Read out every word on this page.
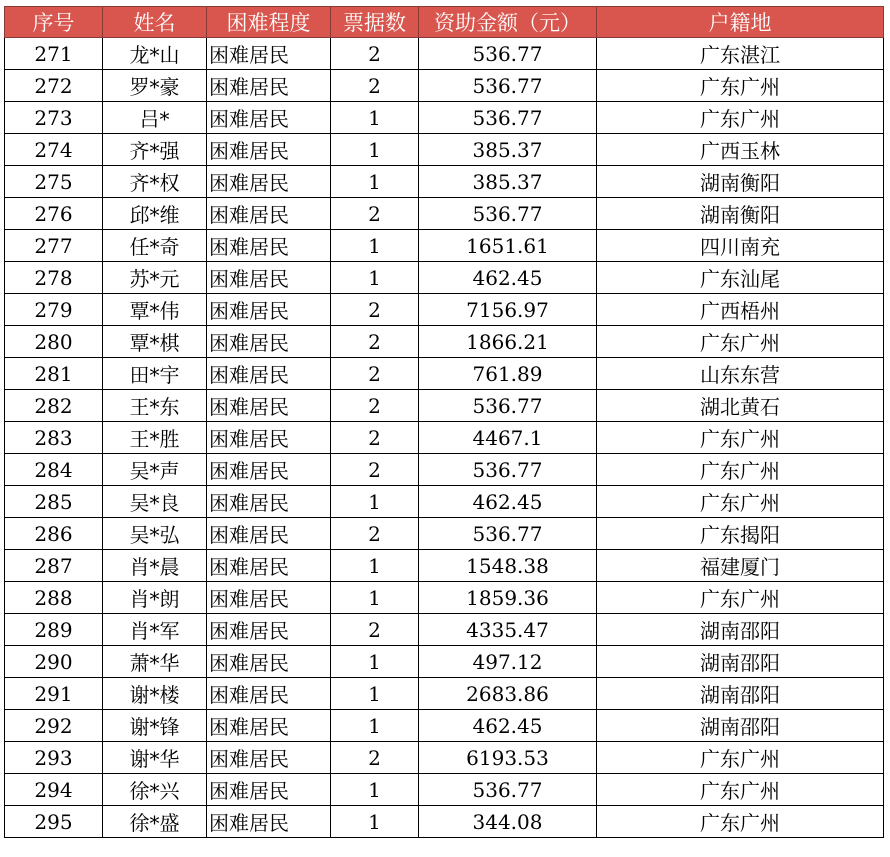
序号	姓名	困难程度	票据数	资助金额（元）	户籍地
271	龙*山	困难居民	2	536.77	广东湛江
272	罗*豪	困难居民	2	536.77	广东广州
273	吕*	困难居民	1	536.77	广东广州
274	齐*强	困难居民	1	385.37	广西玉林
275	齐*权	困难居民	1	385.37	湖南衡阳
276	邱*维	困难居民	2	536.77	湖南衡阳
277	任*奇	困难居民	1	1651.61	四川南充
278	苏*元	困难居民	1	462.45	广东汕尾
279	覃*伟	困难居民	2	7156.97	广西梧州
280	覃*棋	困难居民	2	1866.21	广东广州
281	田*宇	困难居民	2	761.89	山东东营
282	王*东	困难居民	2	536.77	湖北黄石
283	王*胜	困难居民	2	4467.1	广东广州
284	吴*声	困难居民	2	536.77	广东广州
285	吴*良	困难居民	1	462.45	广东广州
286	吴*弘	困难居民	2	536.77	广东揭阳
287	肖*晨	困难居民	1	1548.38	福建厦门
288	肖*朗	困难居民	1	1859.36	广东广州
289	肖*军	困难居民	2	4335.47	湖南邵阳
290	萧*华	困难居民	1	497.12	湖南邵阳
291	谢*楼	困难居民	1	2683.86	湖南邵阳
292	谢*锋	困难居民	1	462.45	湖南邵阳
293	谢*华	困难居民	2	6193.53	广东广州
294	徐*兴	困难居民	1	536.77	广东广州
295	徐*盛	困难居民	1	344.08	广东广州
